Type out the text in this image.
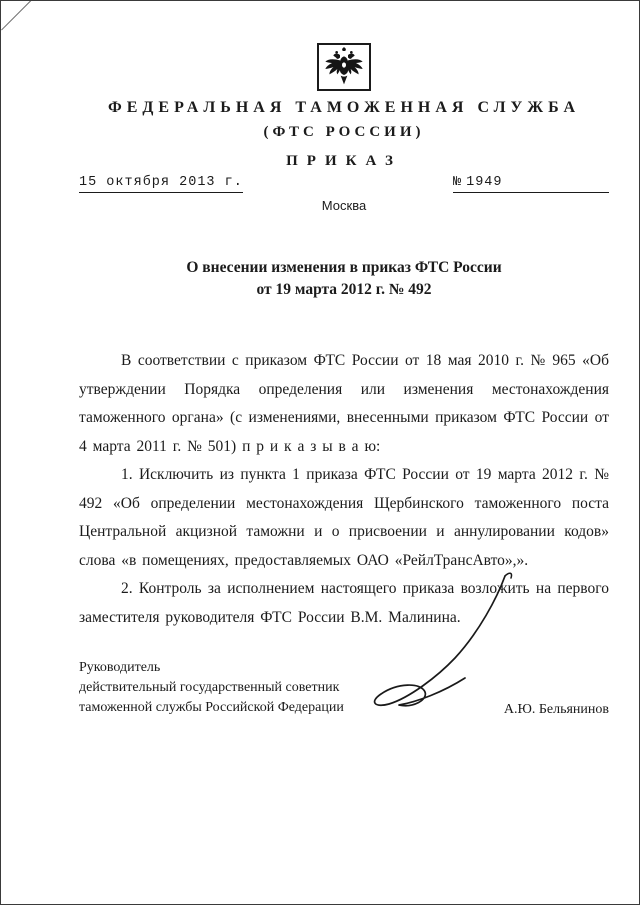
ФЕДЕРАЛЬНАЯ ТАМОЖЕННАЯ СЛУЖБА
(ФТС РОССИИ)
ПРИКАЗ
15 октября 2013 г.	№ 1949
Москва
О внесении изменения в приказ ФТС России
от 19 марта 2012 г. № 492

В соответствии с приказом ФТС России от 18 мая 2010 г. № 965 «Об утверждении Порядка определения или изменения местонахождения таможенного органа» (с изменениями, внесенными приказом ФТС России от 4 марта 2011 г. № 501) п р и к а з ы в а ю:

1. Исключить из пункта 1 приказа ФТС России от 19 марта 2012 г. № 492 «Об определении местонахождения Щербинского таможенного поста Центральной акцизной таможни и о присвоении и аннулировании кодов» слова «в помещениях, предоставляемых ОАО «РейлТрансАвто»,».

2. Контроль за исполнением настоящего приказа возложить на первого заместителя руководителя ФТС России В.М. Малинина.

Руководитель
действительный государственный советник
таможенной службы Российской Федерации	А.Ю. Бельянинов
